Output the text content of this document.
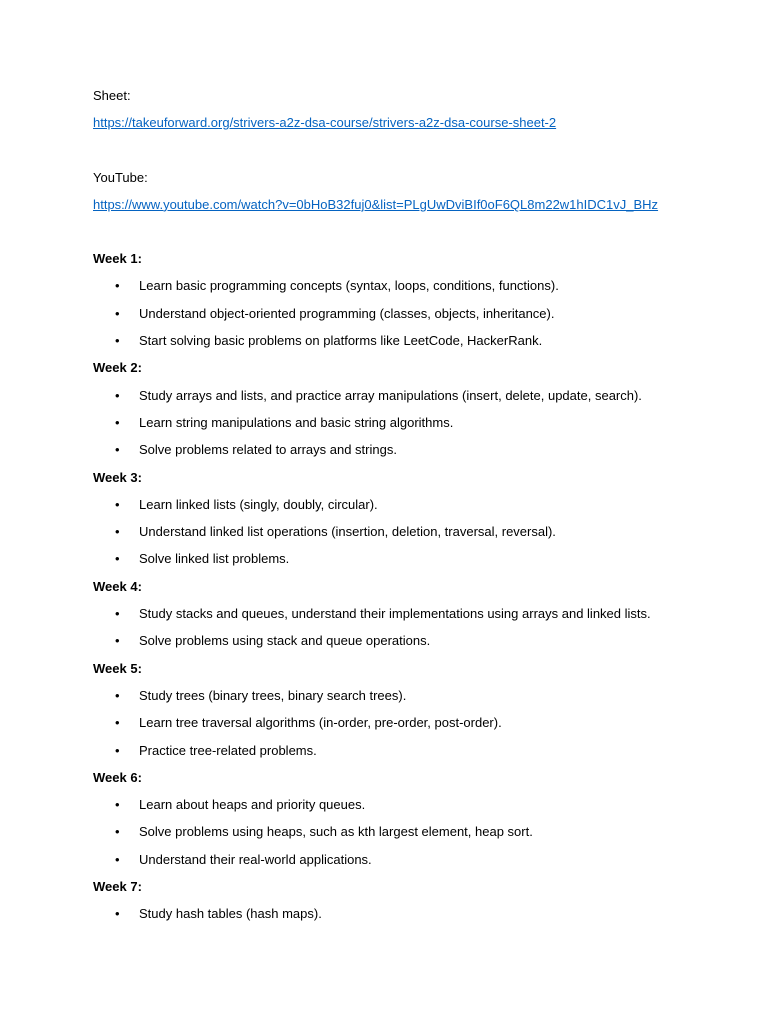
Sheet:
https://takeuforward.org/strivers-a2z-dsa-course/strivers-a2z-dsa-course-sheet-2
YouTube:
https://www.youtube.com/watch?v=0bHoB32fuj0&list=PLgUwDviBIf0oF6QL8m22w1hIDC1vJ_BHz
Week 1:
• Learn basic programming concepts (syntax, loops, conditions, functions).
• Understand object-oriented programming (classes, objects, inheritance).
• Start solving basic problems on platforms like LeetCode, HackerRank.
Week 2:
• Study arrays and lists, and practice array manipulations (insert, delete, update, search).
• Learn string manipulations and basic string algorithms.
• Solve problems related to arrays and strings.
Week 3:
• Learn linked lists (singly, doubly, circular).
• Understand linked list operations (insertion, deletion, traversal, reversal).
• Solve linked list problems.
Week 4:
• Study stacks and queues, understand their implementations using arrays and linked lists.
• Solve problems using stack and queue operations.
Week 5:
• Study trees (binary trees, binary search trees).
• Learn tree traversal algorithms (in-order, pre-order, post-order).
• Practice tree-related problems.
Week 6:
• Learn about heaps and priority queues.
• Solve problems using heaps, such as kth largest element, heap sort.
• Understand their real-world applications.
Week 7:
• Study hash tables (hash maps).
